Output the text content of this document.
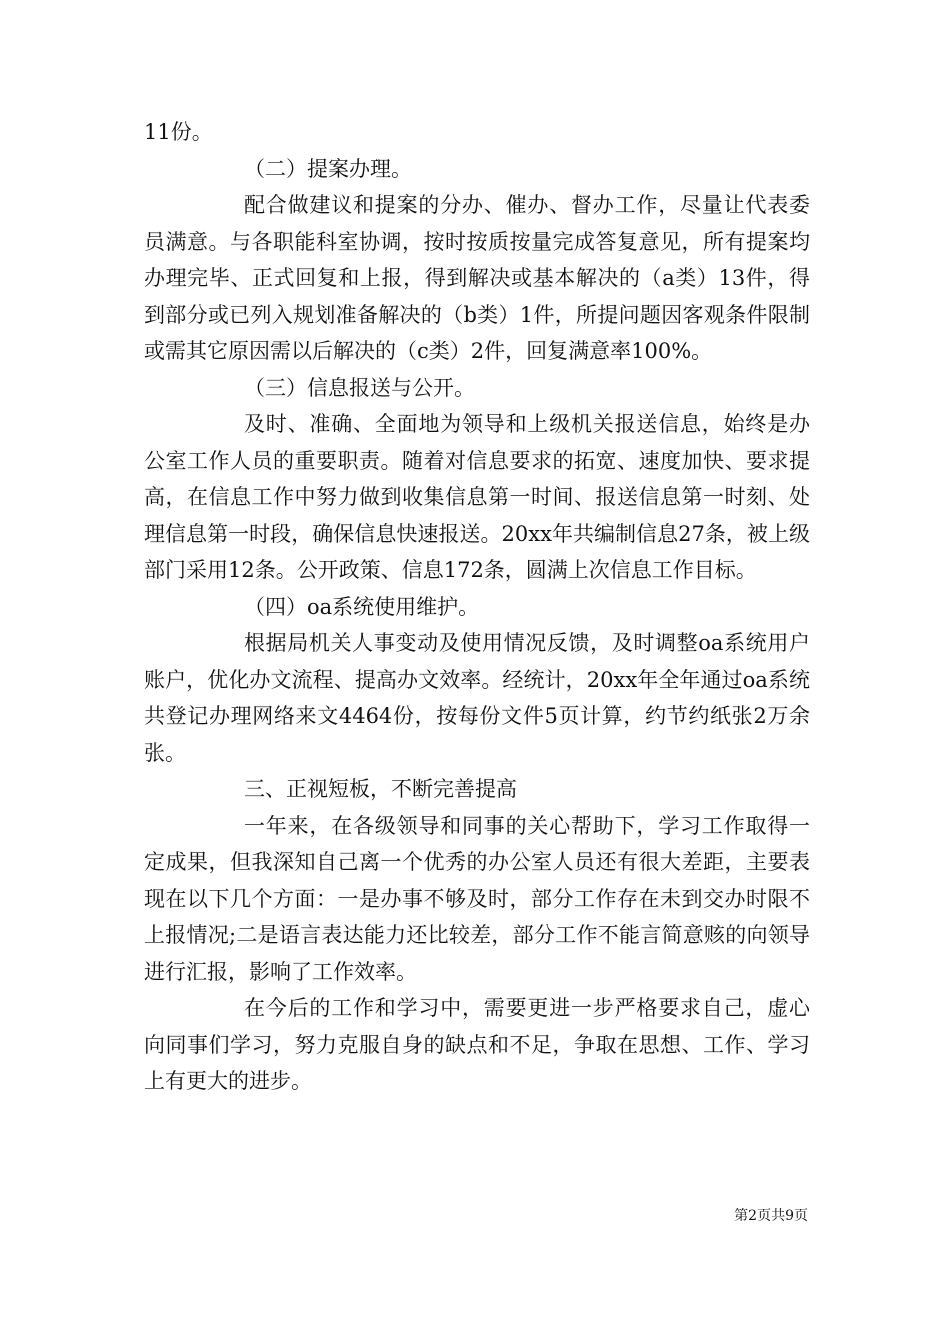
11份。

（二）提案办理。

配合做建议和提案的分办、催办、督办工作，尽量让代表委员满意。与各职能科室协调，按时按质按量完成答复意见，所有提案均办理完毕、正式回复和上报，得到解决或基本解决的（a类）13件，得到部分或已列入规划准备解决的（b类）1件，所提问题因客观条件限制或需其它原因需以后解决的（c类）2件，回复满意率100%。

（三）信息报送与公开。

及时、准确、全面地为领导和上级机关报送信息，始终是办公室工作人员的重要职责。随着对信息要求的拓宽、速度加快、要求提高，在信息工作中努力做到收集信息第一时间、报送信息第一时刻、处理信息第一时段，确保信息快速报送。20xx年共编制信息27条，被上级部门采用12条。公开政策、信息172条，圆满上次信息工作目标。

（四）oa系统使用维护。

根据局机关人事变动及使用情况反馈，及时调整oa系统用户账户，优化办文流程、提高办文效率。经统计，20xx年全年通过oa系统共登记办理网络来文4464份，按每份文件5页计算，约节约纸张2万余张。

三、正视短板，不断完善提高

一年来，在各级领导和同事的关心帮助下，学习工作取得一定成果，但我深知自己离一个优秀的办公室人员还有很大差距，主要表现在以下几个方面：一是办事不够及时，部分工作存在未到交办时限不上报情况;二是语言表达能力还比较差，部分工作不能言简意赅的向领导进行汇报，影响了工作效率。

在今后的工作和学习中，需要更进一步严格要求自己，虚心向同事们学习，努力克服自身的缺点和不足，争取在思想、工作、学习上有更大的进步。

第2页共9页
